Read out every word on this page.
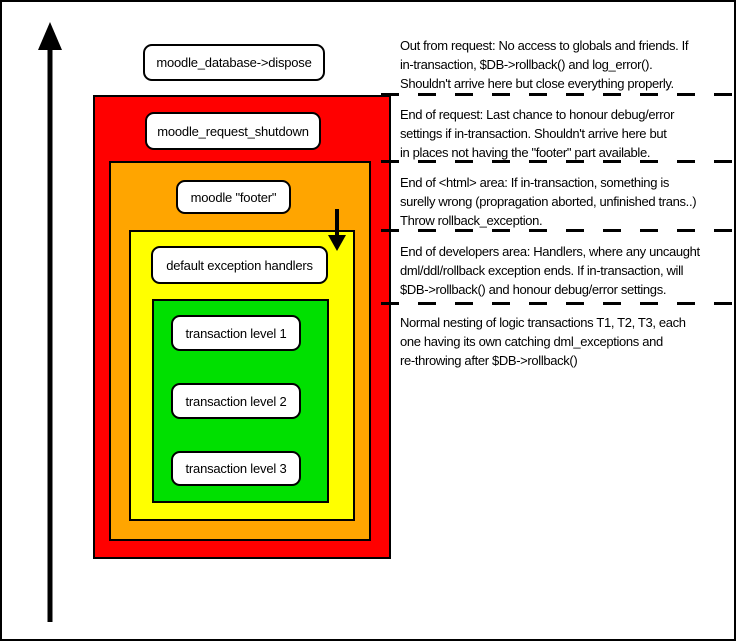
moodle_database->dispose
moodle_request_shutdown
moodle "footer"
default exception handlers
transaction level 1
transaction level 2
transaction level 3
Out from request: No access to globals and friends. If
in-transaction, $DB->rollback() and log_error().
Shouldn't arrive here but close everything properly.
End of request: Last chance to honour debug/error
settings if in-transaction. Shouldn't arrive here but
in places not having the "footer" part available.
End of <html> area: If in-transaction, something is
surelly wrong (propragation aborted, unfinished trans..)
Throw rollback_exception.
End of developers area: Handlers, where any uncaught
dml/ddl/rollback exception ends. If in-transaction, will
$DB->rollback() and honour debug/error settings.
Normal nesting of logic transactions T1, T2, T3, each
one having its own catching dml_exceptions and
re-throwing after $DB->rollback()
